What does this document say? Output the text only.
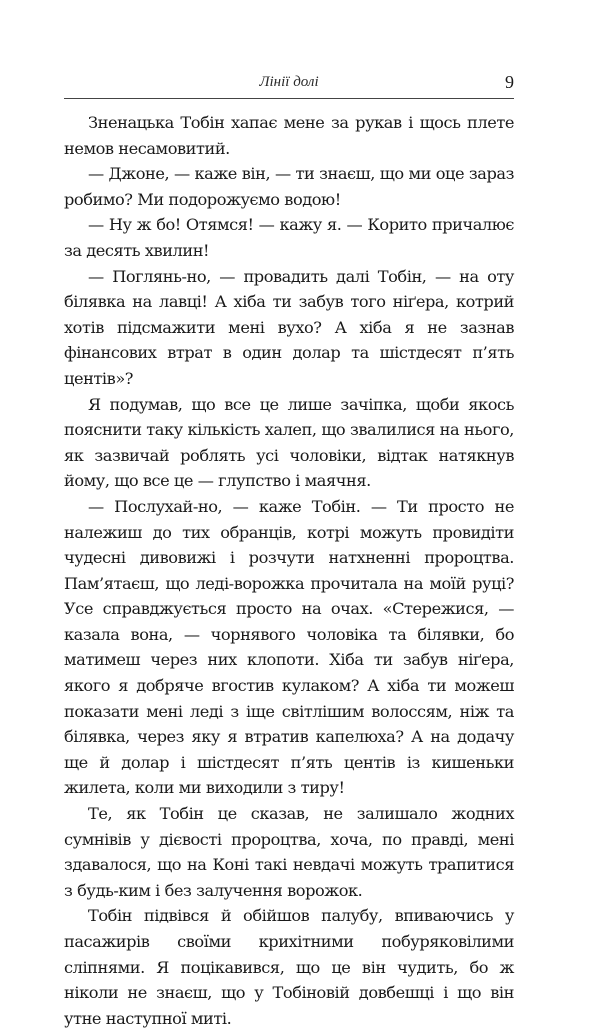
Лінії долі	9

Зненацька Тобін хапає мене за рукав і щось плете немов несамовитий.

— Джоне, — каже він, — ти знаєш, що ми оце зараз робимо? Ми подорожуємо водою!

— Ну ж бо! Отямся! — кажу я. — Корито причалює за десять хвилин!

— Поглянь-но, — провадить далі Тобін, — на оту білявка на лавці! А хіба ти забув того ніґера, котрий хотів підсмажити мені вухо? А хіба я не зазнав фінансових втрат в один долар та шістдесят п’ять центів»?

Я подумав, що все це лише зачіпка, щоби якось пояснити таку кількість халеп, що звалилися на нього, як зазвичай роблять усі чоловіки, відтак натякнув йому, що все це — глупство і маячня.

— Послухай-но, — каже Тобін. — Ти просто не належиш до тих обранців, котрі можуть провидіти чудесні дивовижі і розчути натхненні пророцтва. Пам’ятаєш, що леді-ворожка прочитала на моїй руці? Усе справджується просто на очах. «Стережися, — казала вона, — чорнявого чоловіка та білявки, бо матимеш через них клопоти. Хіба ти забув ніґера, якого я добряче вгостив кулаком? А хіба ти можеш показати мені леді з іще світлішим волоссям, ніж та білявка, через яку я втратив капелюха? А на додачу ще й долар і шістдесят п’ять центів із кишеньки жилета, коли ми виходили з тиру!

Те, як Тобін це сказав, не залишало жодних сумнівів у дієвості пророцтва, хоча, по правді, мені здавалося, що на Коні такі невдачі можуть трапитися з будь-ким і без залучення ворожок.

Тобін підвівся й обійшов палубу, впиваючись у пасажирів своїми крихітними побуряковілими сліпнями. Я поцікавився, що це він чудить, бо ж ніколи не знаєш, що у Тобіновій довбешці і що він утне наступної миті.
